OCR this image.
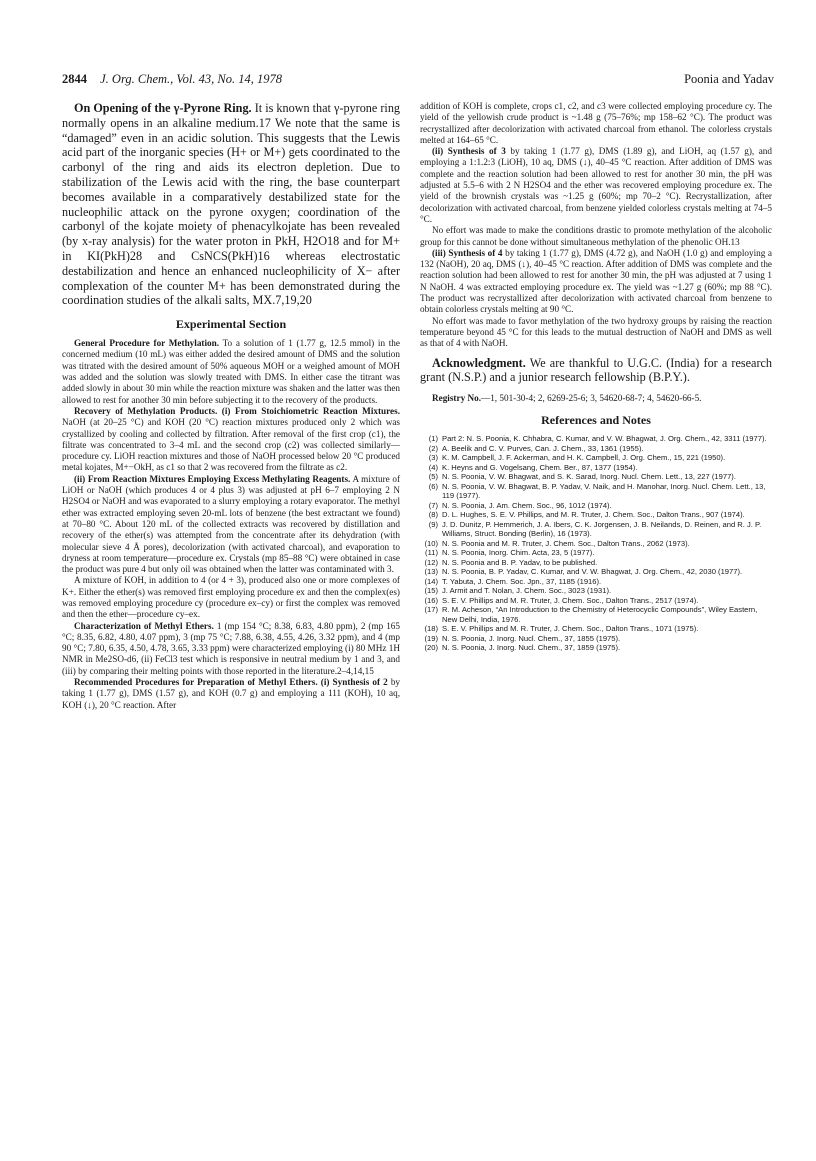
2844 J. Org. Chem., Vol. 43, No. 14, 1978	Poonia and Yadav

On Opening of the γ-Pyrone Ring. It is known that γ-pyrone ring normally opens in an alkaline medium.17 We note that the same is “damaged” even in an acidic solution. This suggests that the Lewis acid part of the inorganic species (H+ or M+) gets coordinated to the carbonyl of the ring and aids its electron depletion. Due to stabilization of the Lewis acid with the ring, the base counterpart becomes available in a comparatively destabilized state for the nucleophilic attack on the pyrone oxygen; coordination of the carbonyl of the kojate moiety of phenacylkojate has been revealed (by x-ray analysis) for the water proton in PkH, H2O18 and for M+ in KI(PkH)28 and CsNCS(PkH)16 whereas electrostatic destabilization and hence an enhanced nucleophilicity of X− after complexation of the counter M+ has been demonstrated during the coordination studies of the alkali salts, MX.7,19,20

Experimental Section

General Procedure for Methylation. To a solution of 1 (1.77 g, 12.5 mmol) in the concerned medium (10 mL) was either added the desired amount of DMS and the solution was titrated with the desired amount of 50% aqueous MOH or a weighed amount of MOH was added and the solution was slowly treated with DMS. In either case the titrant was added slowly in about 30 min while the reaction mixture was shaken and the latter was then allowed to rest for another 30 min before subjecting it to the recovery of the products.

Recovery of Methylation Products. (i) From Stoichiometric Reaction Mixtures. NaOH (at 20–25 °C) and KOH (20 °C) reaction mixtures produced only 2 which was crystallized by cooling and collected by filtration. After removal of the first crop (c1), the filtrate was concentrated to 3–4 mL and the second crop (c2) was collected similarly—procedure cy. LiOH reaction mixtures and those of NaOH processed below 20 °C produced metal kojates, M+−OkH, as c1 so that 2 was recovered from the filtrate as c2.

(ii) From Reaction Mixtures Employing Excess Methylating Reagents. A mixture of LiOH or NaOH (which produces 4 or 4 plus 3) was adjusted at pH 6–7 employing 2 N H2SO4 or NaOH and was evaporated to a slurry employing a rotary evaporator. The methyl ether was extracted employing seven 20-mL lots of benzene (the best extractant we found) at 70–80 °C. About 120 mL of the collected extracts was recovered by distillation and recovery of the ether(s) was attempted from the concentrate after its dehydration (with molecular sieve 4 Å pores), decolorization (with activated charcoal), and evaporation to dryness at room temperature—procedure ex. Crystals (mp 85–88 °C) were obtained in case the product was pure 4 but only oil was obtained when the latter was contaminated with 3.

A mixture of KOH, in addition to 4 (or 4 + 3), produced also one or more complexes of K+. Either the ether(s) was removed first employing procedure ex and then the complex(es) was removed employing procedure cy (procedure ex–cy) or first the complex was removed and then the ether—procedure cy–ex.

Characterization of Methyl Ethers. 1 (mp 154 °C; 8.38, 6.83, 4.80 ppm), 2 (mp 165 °C; 8.35, 6.82, 4.80, 4.07 ppm), 3 (mp 75 °C; 7.88, 6.38, 4.55, 4.26, 3.32 ppm), and 4 (mp 90 °C; 7.80, 6.35, 4.50, 4.78, 3.65, 3.33 ppm) were characterized employing (i) 80 MHz 1H NMR in Me2SO-d6, (ii) FeCl3 test which is responsive in neutral medium by 1 and 3, and (iii) by comparing their melting points with those reported in the literature.2–4,14,15

Recommended Procedures for Preparation of Methyl Ethers. (i) Synthesis of 2 by taking 1 (1.77 g), DMS (1.57 g), and KOH (0.7 g) and employing a 111 (KOH), 10 aq, KOH (↓), 20 °C reaction. After

addition of KOH is complete, crops c1, c2, and c3 were collected employing procedure cy. The yield of the yellowish crude product is ~1.48 g (75–76%; mp 158–62 °C). The product was recrystallized after decolorization with activated charcoal from ethanol. The colorless crystals melted at 164–65 °C.

(ii) Synthesis of 3 by taking 1 (1.77 g), DMS (1.89 g), and LiOH, aq (1.57 g), and employing a 1:1.2:3 (LiOH), 10 aq, DMS (↓), 40–45 °C reaction. After addition of DMS was complete and the reaction solution had been allowed to rest for another 30 min, the pH was adjusted at 5.5–6 with 2 N H2SO4 and the ether was recovered employing procedure ex. The yield of the brownish crystals was ~1.25 g (60%; mp 70–2 °C). Recrystallization, after decolorization with activated charcoal, from benzene yielded colorless crystals melting at 74–5 °C.

No effort was made to make the conditions drastic to promote methylation of the alcoholic group for this cannot be done without simultaneous methylation of the phenolic OH.13

(iii) Synthesis of 4 by taking 1 (1.77 g), DMS (4.72 g), and NaOH (1.0 g) and employing a 132 (NaOH), 20 aq, DMS (↓), 40–45 °C reaction. After addition of DMS was complete and the reaction solution had been allowed to rest for another 30 min, the pH was adjusted at 7 using 1 N NaOH. 4 was extracted employing procedure ex. The yield was ~1.27 g (60%; mp 88 °C). The product was recrystallized after decolorization with activated charcoal from benzene to obtain colorless crystals melting at 90 °C.

No effort was made to favor methylation of the two hydroxy groups by raising the reaction temperature beyond 45 °C for this leads to the mutual destruction of NaOH and DMS as well as that of 4 with NaOH.

Acknowledgment. We are thankful to U.G.C. (India) for a research grant (N.S.P.) and a junior research fellowship (B.P.Y.).

Registry No.—1, 501-30-4; 2, 6269-25-6; 3, 54620-68-7; 4, 54620-66-5.

References and Notes
(1) Part 2: N. S. Poonia, K. Chhabra, C. Kumar, and V. W. Bhagwat, J. Org. Chem., 42, 3311 (1977).
(2) A. Beelik and C. V. Purves, Can. J. Chem., 33, 1361 (1955).
(3) K. M. Campbell, J. F. Ackerman, and H. K. Campbell, J. Org. Chem., 15, 221 (1950).
(4) K. Heyns and G. Vogelsang, Chem. Ber., 87, 1377 (1954).
(5) N. S. Poonia, V. W. Bhagwat, and S. K. Sarad, Inorg. Nucl. Chem. Lett., 13, 227 (1977).
(6) N. S. Poonia, V. W. Bhagwat, B. P. Yadav, V. Naik, and H. Manohar, Inorg. Nucl. Chem. Lett., 13, 119 (1977).
(7) N. S. Poonia, J. Am. Chem. Soc., 96, 1012 (1974).
(8) D. L. Hughes, S. E. V. Phillips, and M. R. Truter, J. Chem. Soc., Dalton Trans., 907 (1974).
(9) J. D. Dunitz, P. Hemmerich, J. A. Ibers, C. K. Jorgensen, J. B. Neilands, D. Reinen, and R. J. P. Williams, Struct. Bonding (Berlin), 16 (1973).
(10) N. S. Poonia and M. R. Truter, J. Chem. Soc., Dalton Trans., 2062 (1973).
(11) N. S. Poonia, Inorg. Chim. Acta, 23, 5 (1977).
(12) N. S. Poonia and B. P. Yadav, to be published.
(13) N. S. Poonia, B. P. Yadav, C. Kumar, and V. W. Bhagwat, J. Org. Chem., 42, 2030 (1977).
(14) T. Yabuta, J. Chem. Soc. Jpn., 37, 1185 (1916).
(15) J. Armit and T. Nolan, J. Chem. Soc., 3023 (1931).
(16) S. E. V. Phillips and M. R. Truter, J. Chem. Soc., Dalton Trans., 2517 (1974).
(17) R. M. Acheson, “An Introduction to the Chemistry of Heterocyclic Compounds”, Wiley Eastern, New Delhi, India, 1976.
(18) S. E. V. Phillips and M. R. Truter, J. Chem. Soc., Dalton Trans., 1071 (1975).
(19) N. S. Poonia, J. Inorg. Nucl. Chem., 37, 1855 (1975).
(20) N. S. Poonia, J. Inorg. Nucl. Chem., 37, 1859 (1975).
